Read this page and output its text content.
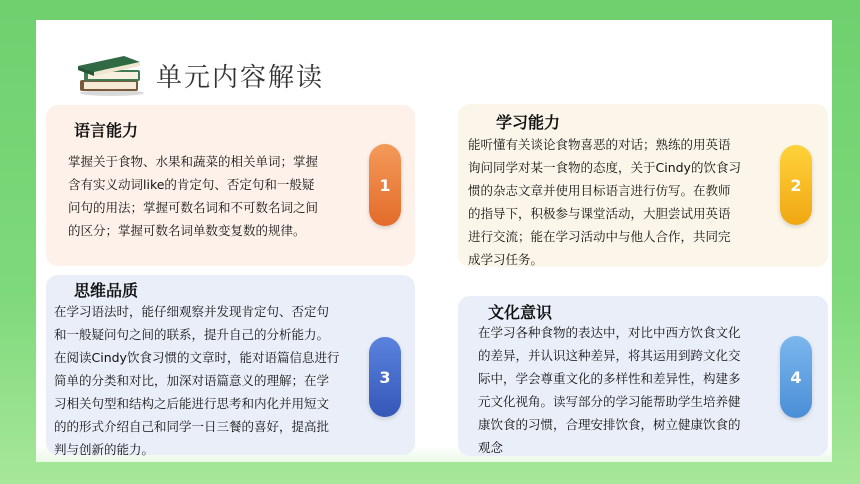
单元内容解读
语言能力
掌握关于食物、水果和蔬菜的相关单词；掌握
含有实义动词like的肯定句、否定句和一般疑
问句的用法；掌握可数名词和不可数名词之间
的区分；掌握可数名词单数变复数的规律。
1
学习能力
能听懂有关谈论食物喜恶的对话；熟练的用英语
询问同学对某一食物的态度，关于Cindy的饮食习
惯的杂志文章并使用目标语言进行仿写。在教师
的指导下，积极参与课堂活动，大胆尝试用英语
进行交流；能在学习活动中与他人合作，共同完
成学习任务。
2
思维品质
在学习语法时，能仔细观察并发现肯定句、否定句
和一般疑问句之间的联系，提升自己的分析能力。
在阅读Cindy饮食习惯的文章时，能对语篇信息进行
简单的分类和对比，加深对语篇意义的理解；在学
习相关句型和结构之后能进行思考和内化并用短文
的的形式介绍自己和同学一日三餐的喜好，提高批
判与创新的能力。
3
文化意识
在学习各种食物的表达中，对比中西方饮食文化
的差异，并认识这种差异，将其运用到跨文化交
际中，学会尊重文化的多样性和差异性，构建多
元文化视角。读写部分的学习能帮助学生培养健
康饮食的习惯，合理安排饮食，树立健康饮食的
观念
4
